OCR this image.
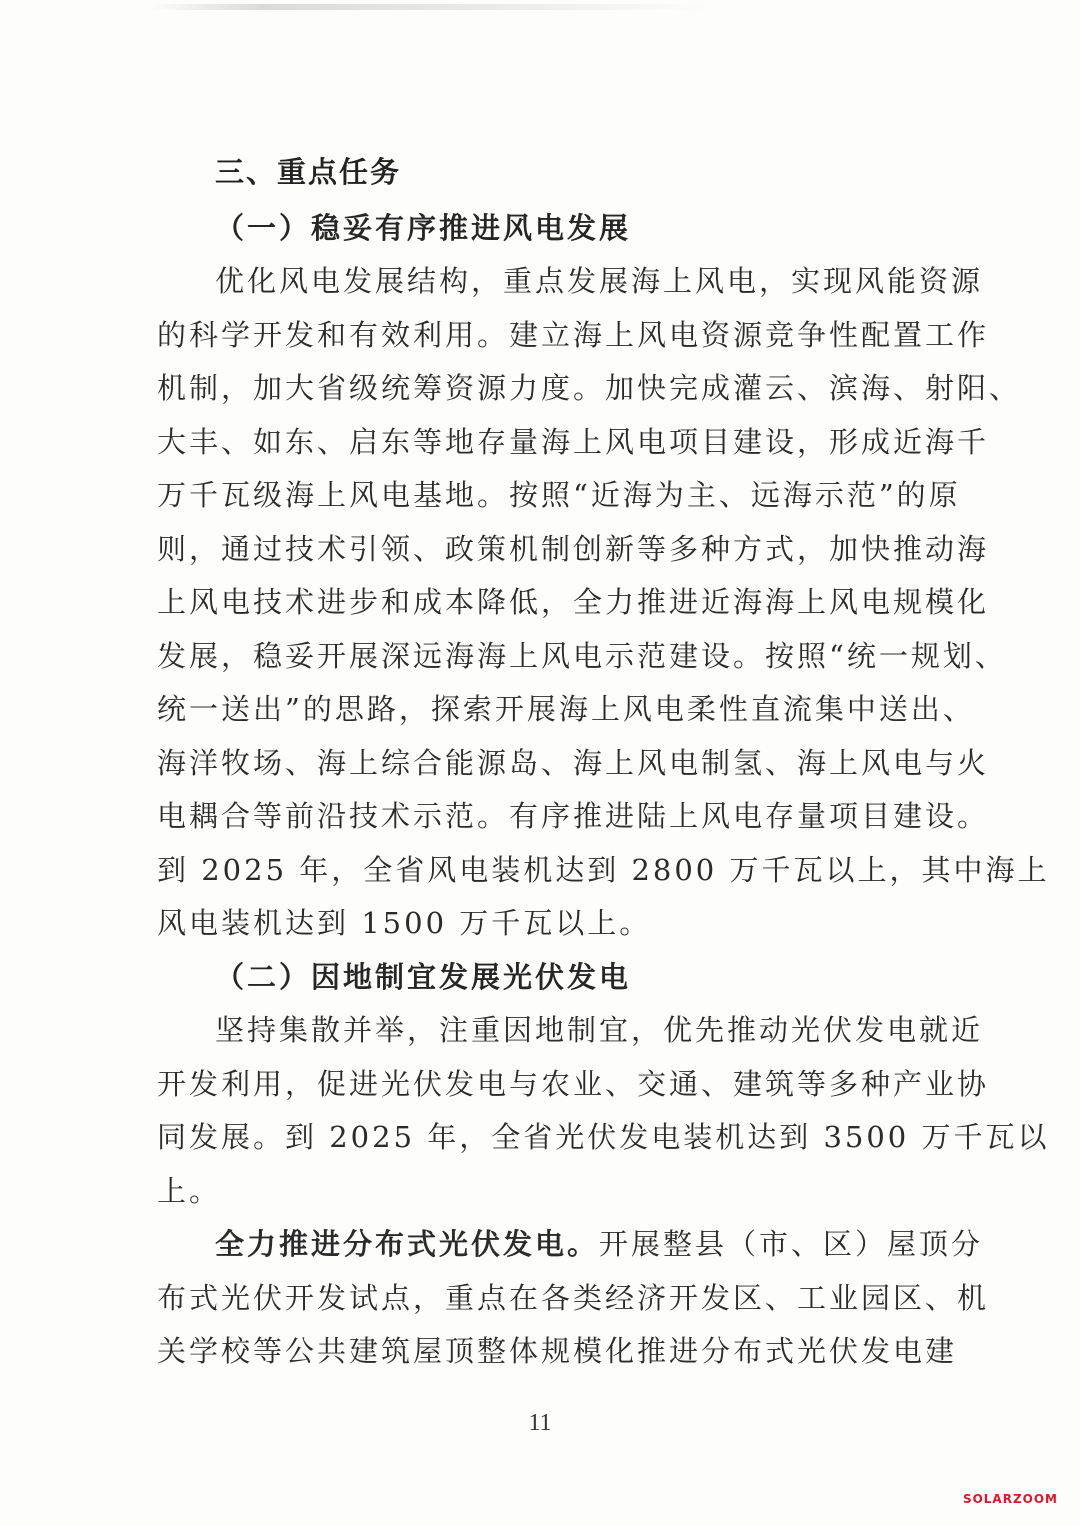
三、重点任务
（一）稳妥有序推进风电发展
优化风电发展结构，重点发展海上风电，实现风能资源
的科学开发和有效利用。建立海上风电资源竞争性配置工作
机制，加大省级统筹资源力度。加快完成灌云、滨海、射阳、
大丰、如东、启东等地存量海上风电项目建设，形成近海千
万千瓦级海上风电基地。按照“近海为主、远海示范”的原
则，通过技术引领、政策机制创新等多种方式，加快推动海
上风电技术进步和成本降低，全力推进近海海上风电规模化
发展，稳妥开展深远海海上风电示范建设。按照“统一规划、
统一送出”的思路，探索开展海上风电柔性直流集中送出、
海洋牧场、海上综合能源岛、海上风电制氢、海上风电与火
电耦合等前沿技术示范。有序推进陆上风电存量项目建设。
到 2025 年，全省风电装机达到 2800 万千瓦以上，其中海上
风电装机达到 1500 万千瓦以上。
（二）因地制宜发展光伏发电
坚持集散并举，注重因地制宜，优先推动光伏发电就近
开发利用，促进光伏发电与农业、交通、建筑等多种产业协
同发展。到 2025 年，全省光伏发电装机达到 3500 万千瓦以
上。
全力推进分布式光伏发电。开展整县（市、区）屋顶分
布式光伏开发试点，重点在各类经济开发区、工业园区、机
关学校等公共建筑屋顶整体规模化推进分布式光伏发电建
11
SOLARZOOM
